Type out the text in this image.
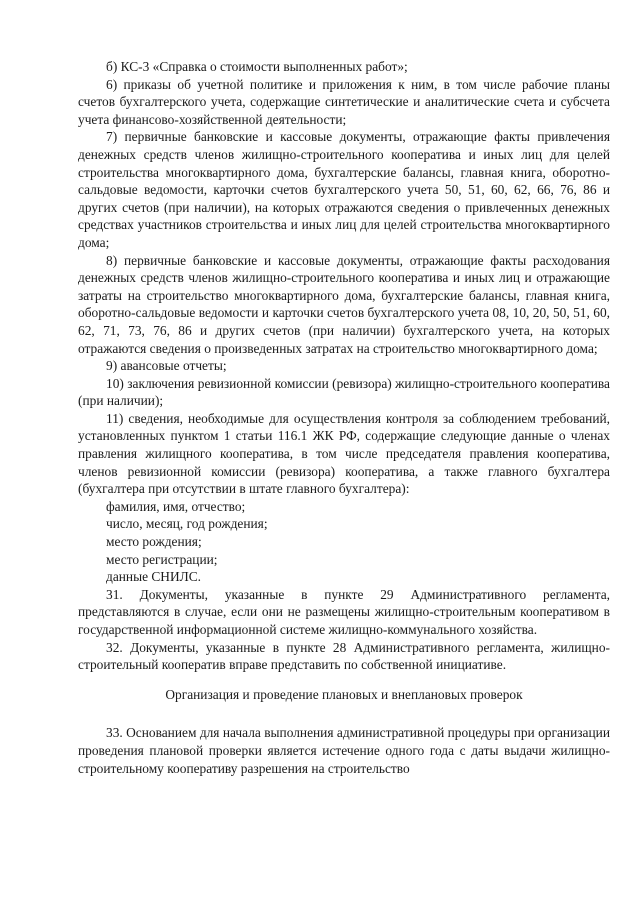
б) КС-3 «Справка о стоимости выполненных работ»;

6) приказы об учетной политике и приложения к ним, в том числе рабочие планы счетов бухгалтерского учета, содержащие синтетические и аналитические счета и субсчета учета финансово-хозяйственной деятельности;

7) первичные банковские и кассовые документы, отражающие факты привлечения денежных средств членов жилищно-строительного кооператива и иных лиц для целей строительства многоквартирного дома, бухгалтерские балансы, главная книга, оборотно-сальдовые ведомости, карточки счетов бухгалтерского учета 50, 51, 60, 62, 66, 76, 86 и других счетов (при наличии), на которых отражаются сведения о привлеченных денежных средствах участников строительства и иных лиц для целей строительства многоквартирного дома;

8) первичные банковские и кассовые документы, отражающие факты расходования денежных средств членов жилищно-строительного кооператива и иных лиц и отражающие затраты на строительство многоквартирного дома, бухгалтерские балансы, главная книга, оборотно-сальдовые ведомости и карточки счетов бухгалтерского учета 08, 10, 20, 50, 51, 60, 62, 71, 73, 76, 86 и других счетов (при наличии) бухгалтерского учета, на которых отражаются сведения о произведенных затратах на строительство многоквартирного дома;

9) авансовые отчеты;

10) заключения ревизионной комиссии (ревизора) жилищно-строительного кооператива (при наличии);

11) сведения, необходимые для осуществления контроля за соблюдением требований, установленных пунктом 1 статьи 116.1 ЖК РФ, содержащие следующие данные о членах правления жилищного кооператива, в том числе председателя правления кооператива, членов ревизионной комиссии (ревизора) кооператива, а также главного бухгалтера (бухгалтера при отсутствии в штате главного бухгалтера):

фамилия, имя, отчество;

число, месяц, год рождения;

место рождения;

место регистрации;

данные СНИЛС.

31. Документы, указанные в пункте 29 Административного регламента, представляются в случае, если они не размещены жилищно-строительным кооперативом в государственной информационной системе жилищно-коммунального хозяйства.

32. Документы, указанные в пункте 28 Административного регламента, жилищно-строительный кооператив вправе представить по собственной инициативе.

Организация и проведение плановых и внеплановых проверок

33. Основанием для начала выполнения административной процедуры при организации проведения плановой проверки является истечение одного года с даты выдачи жилищно-строительному кооперативу разрешения на строительство
